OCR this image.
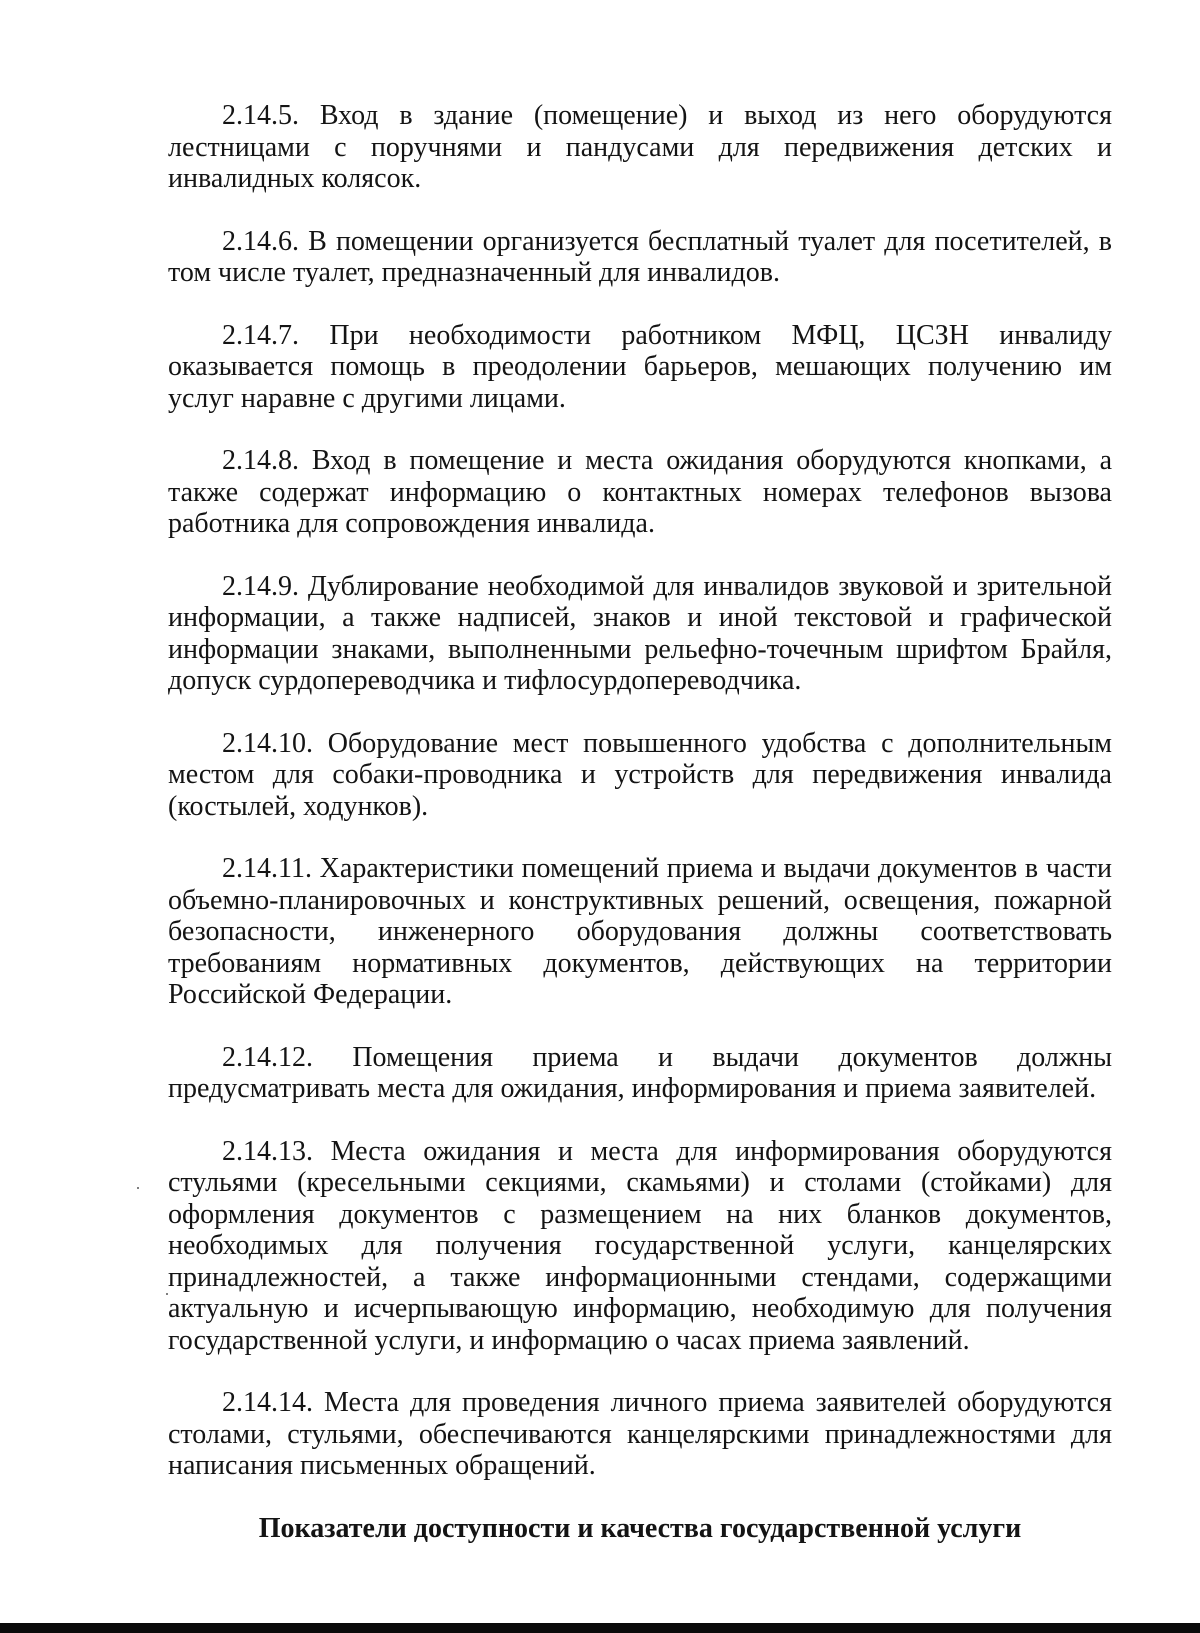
2.14.5. Вход в здание (помещение) и выход из него оборудуются лестницами с поручнями и пандусами для передвижения детских и инвалидных колясок.

2.14.6. В помещении организуется бесплатный туалет для посетителей, в том числе туалет, предназначенный для инвалидов.

2.14.7. При необходимости работником МФЦ, ЦСЗН инвалиду оказывается помощь в преодолении барьеров, мешающих получению им услуг наравне с другими лицами.

2.14.8. Вход в помещение и места ожидания оборудуются кнопками, а также содержат информацию о контактных номерах телефонов вызова работника для сопровождения инвалида.

2.14.9. Дублирование необходимой для инвалидов звуковой и зрительной информации, а также надписей, знаков и иной текстовой и графической информации знаками, выполненными рельефно-точечным шрифтом Брайля, допуск сурдопереводчика и тифлосурдопереводчика.

2.14.10. Оборудование мест повышенного удобства с дополнительным местом для собаки-проводника и устройств для передвижения инвалида (костылей, ходунков).

2.14.11. Характеристики помещений приема и выдачи документов в части объемно-планировочных и конструктивных решений, освещения, пожарной безопасности, инженерного оборудования должны соответствовать требованиям нормативных документов, действующих на территории Российской Федерации.

2.14.12. Помещения приема и выдачи документов должны предусматривать места для ожидания, информирования и приема заявителей.

2.14.13. Места ожидания и места для информирования оборудуются стульями (кресельными секциями, скамьями) и столами (стойками) для оформления документов с размещением на них бланков документов, необходимых для получения государственной услуги, канцелярских принадлежностей, а также информационными стендами, содержащими актуальную и исчерпывающую информацию, необходимую для получения государственной услуги, и информацию о часах приема заявлений.

2.14.14. Места для проведения личного приема заявителей оборудуются столами, стульями, обеспечиваются канцелярскими принадлежностями для написания письменных обращений.

Показатели доступности и качества государственной услуги
